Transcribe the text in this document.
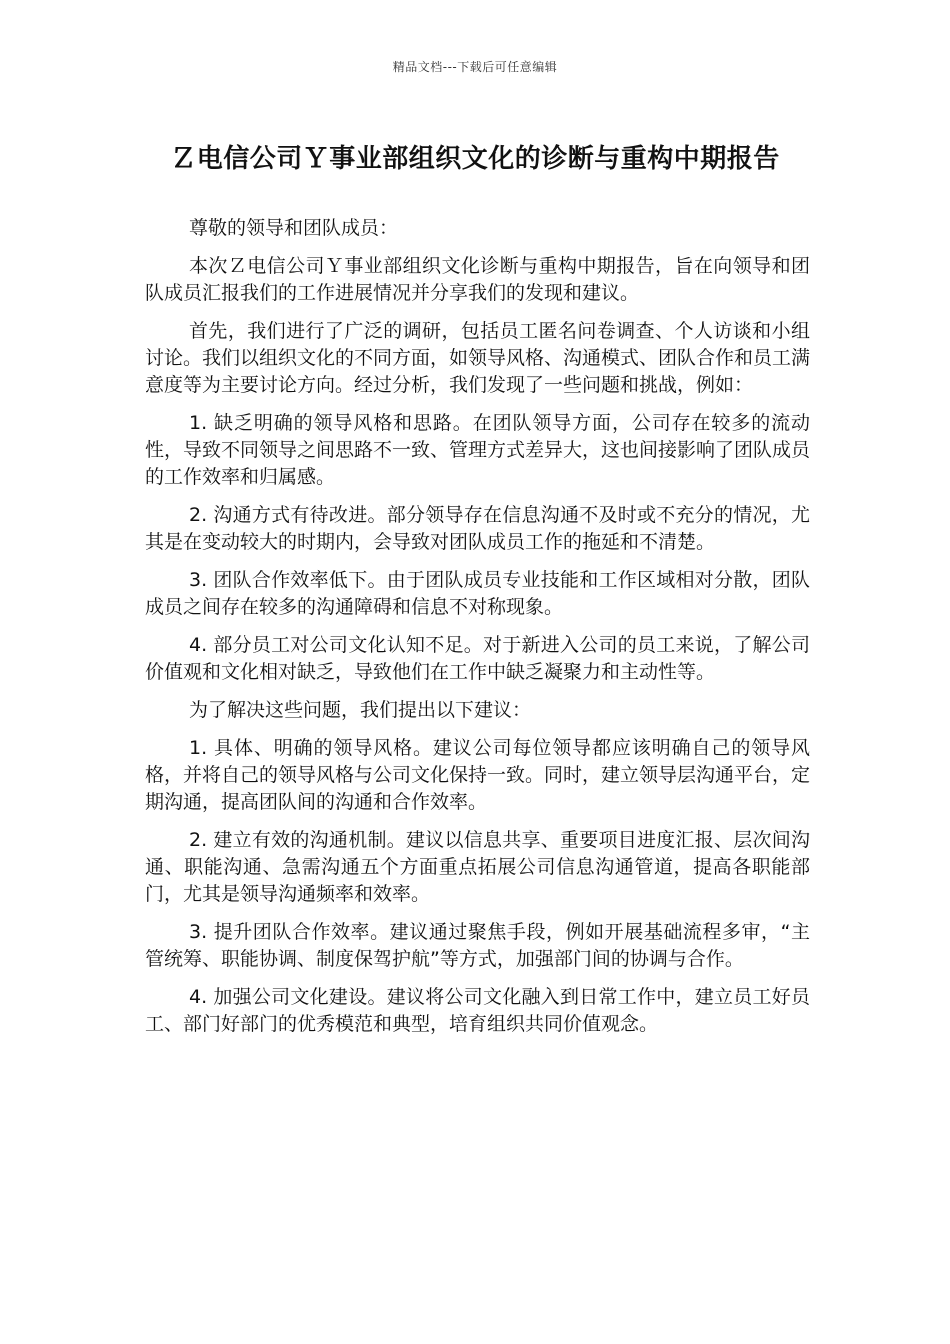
精品文档---下载后可任意编辑
Ｚ电信公司Ｙ事业部组织文化的诊断与重构中期报告

尊敬的领导和团队成员：

本次Ｚ电信公司Ｙ事业部组织文化诊断与重构中期报告，旨在向领导和团队成员汇报我们的工作进展情况并分享我们的发现和建议。

首先，我们进行了广泛的调研，包括员工匿名问卷调查、个人访谈和小组讨论。我们以组织文化的不同方面，如领导风格、沟通模式、团队合作和员工满意度等为主要讨论方向。经过分析，我们发现了一些问题和挑战，例如：

1. 缺乏明确的领导风格和思路。在团队领导方面，公司存在较多的流动性，导致不同领导之间思路不一致、管理方式差异大，这也间接影响了团队成员的工作效率和归属感。

2. 沟通方式有待改进。部分领导存在信息沟通不及时或不充分的情况，尤其是在变动较大的时期内，会导致对团队成员工作的拖延和不清楚。

3. 团队合作效率低下。由于团队成员专业技能和工作区域相对分散，团队成员之间存在较多的沟通障碍和信息不对称现象。

4. 部分员工对公司文化认知不足。对于新进入公司的员工来说，了解公司价值观和文化相对缺乏，导致他们在工作中缺乏凝聚力和主动性等。

为了解决这些问题，我们提出以下建议：

1. 具体、明确的领导风格。建议公司每位领导都应该明确自己的领导风格，并将自己的领导风格与公司文化保持一致。同时，建立领导层沟通平台，定期沟通，提高团队间的沟通和合作效率。

2. 建立有效的沟通机制。建议以信息共享、重要项目进度汇报、层次间沟通、职能沟通、急需沟通五个方面重点拓展公司信息沟通管道，提高各职能部门，尤其是领导沟通频率和效率。

3. 提升团队合作效率。建议通过聚焦手段，例如开展基础流程多审，“主管统筹、职能协调、制度保驾护航”等方式，加强部门间的协调与合作。

4. 加强公司文化建设。建议将公司文化融入到日常工作中，建立员工好员工、部门好部门的优秀模范和典型，培育组织共同价值观念。
